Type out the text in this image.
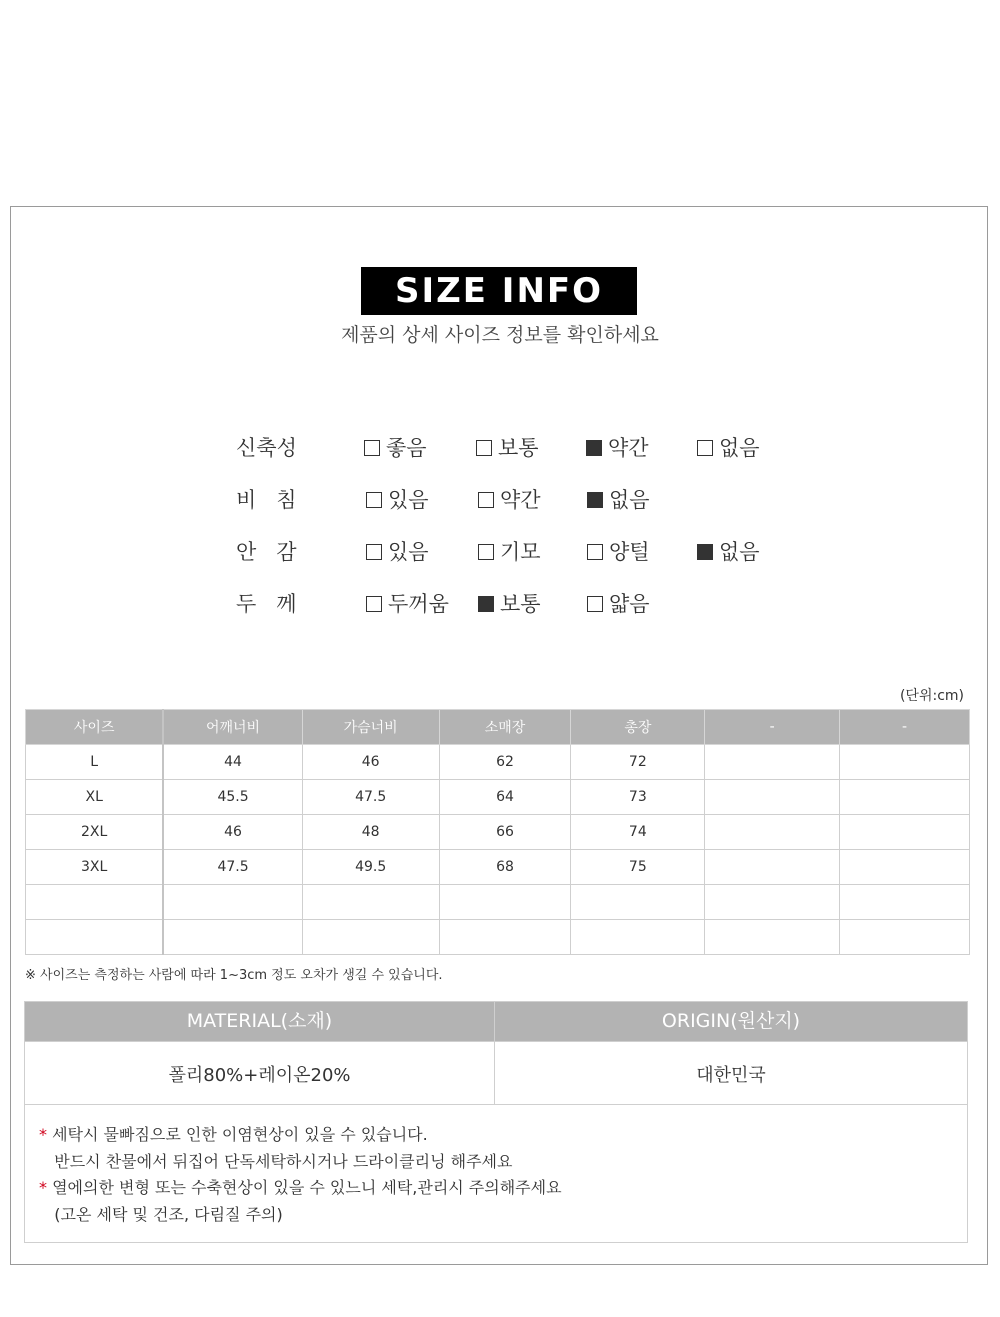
SIZE INFO
제품의 상세 사이즈 정보를 확인하세요
신축성	좋음	보통	약간	없음
비   침	있음	약간	없음
안   감	있음	기모	양털	없음
두   께	두꺼움	보통	얇음
(단위:cm)
사이즈	어깨너비	가슴너비	소매장	총장	-	-
L	44	46	62	72		
XL	45.5	47.5	64	73		
2XL	46	48	66	74		
3XL	47.5	49.5	68	75		

※ 사이즈는 측정하는 사람에 따라 1~3cm 정도 오차가 생길 수 있습니다.
MATERIAL(소재)	ORIGIN(원산지)
폴리80%+레이온20%	대한민국
* 세탁시 물빠짐으로 인한 이염현상이 있을 수 있습니다.
반드시 찬물에서 뒤집어 단독세탁하시거나 드라이클리닝 해주세요
* 열에의한 변형 또는 수축현상이 있을 수 있느니 세탁,관리시 주의해주세요
(고온 세탁 및 건조, 다림질 주의)
